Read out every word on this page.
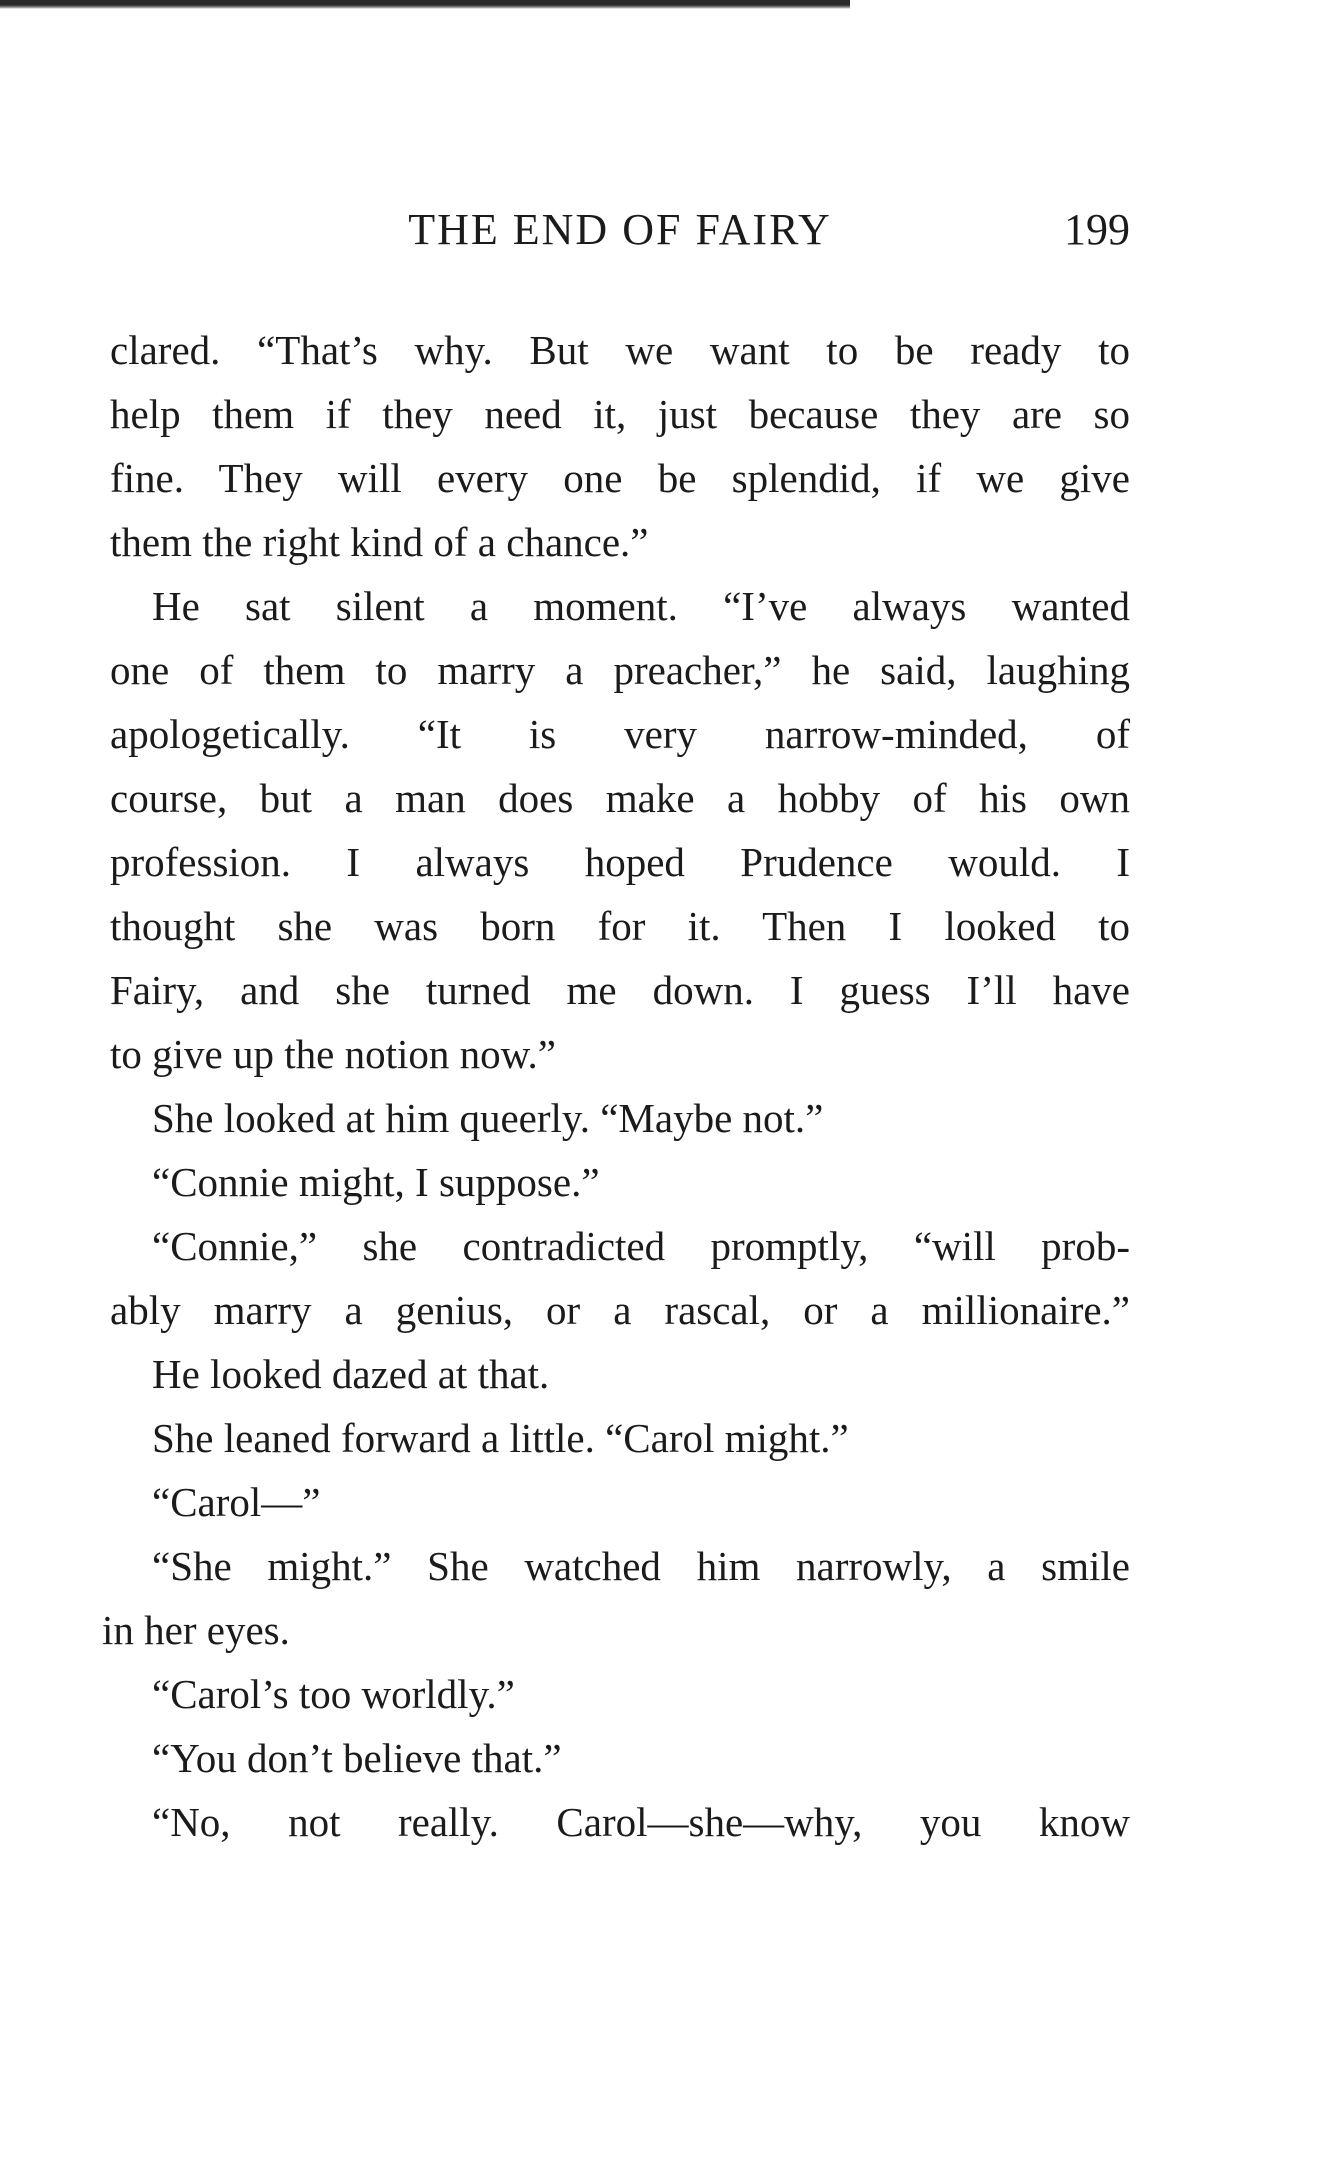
THE END OF FAIRY	199
clared. “That’s why. But we want to be ready to
help them if they need it, just because they are so
fine. They will every one be splendid, if we give
them the right kind of a chance.”
He sat silent a moment. “I’ve always wanted
one of them to marry a preacher,” he said, laughing
apologetically. “It is very narrow-minded, of
course, but a man does make a hobby of his own
profession. I always hoped Prudence would. I
thought she was born for it. Then I looked to
Fairy, and she turned me down. I guess I’ll have
to give up the notion now.”
She looked at him queerly. “Maybe not.”
“Connie might, I suppose.”
“Connie,” she contradicted promptly, “will prob-
ably marry a genius, or a rascal, or a millionaire.”
He looked dazed at that.
She leaned forward a little. “Carol might.”
“Carol—”
“She might.” She watched him narrowly, a smile
in her eyes.
“Carol’s too worldly.”
“You don’t believe that.”
“No, not really. Carol—she—why, you know
